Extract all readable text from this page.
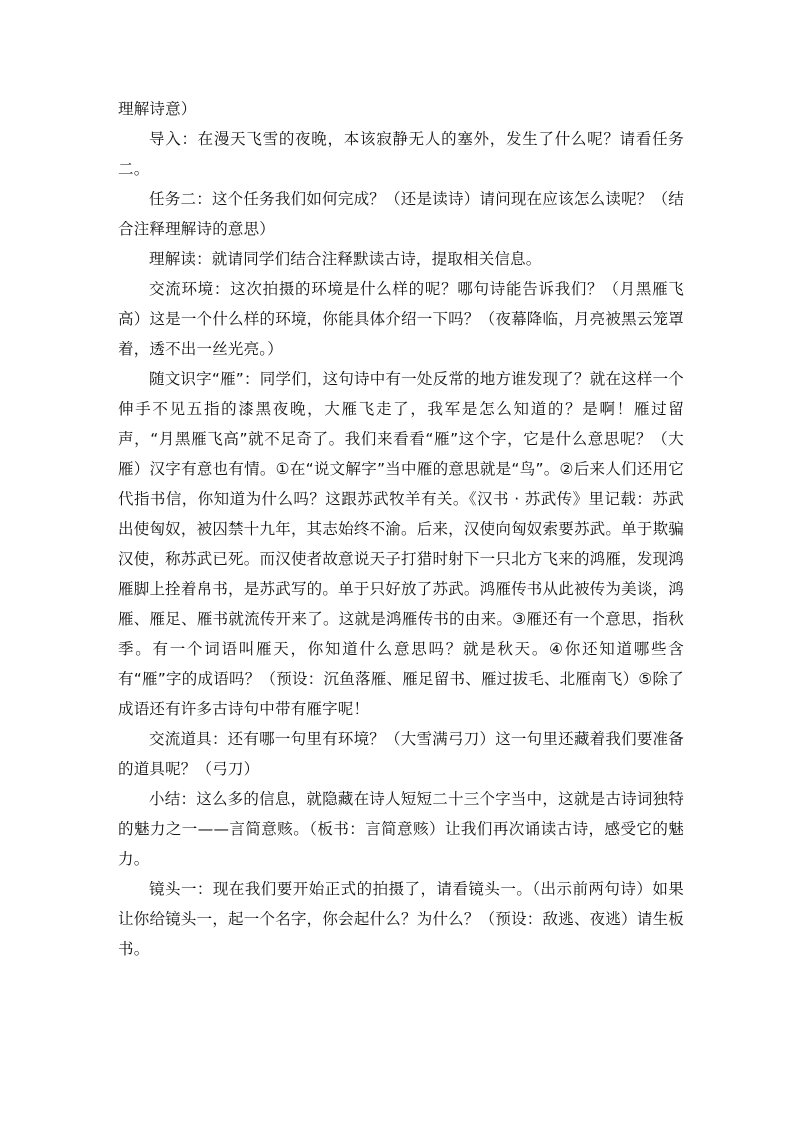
理解诗意）

导入：在漫天飞雪的夜晚，本该寂静无人的塞外，发生了什么呢？请看任务二。

任务二：这个任务我们如何完成？（还是读诗）请问现在应该怎么读呢？（结合注释理解诗的意思）

理解读：就请同学们结合注释默读古诗，提取相关信息。

交流环境：这次拍摄的环境是什么样的呢？哪句诗能告诉我们？（月黑雁飞高）这是一个什么样的环境，你能具体介绍一下吗？（夜幕降临，月亮被黑云笼罩着，透不出一丝光亮。）

随文识字“雁”：同学们，这句诗中有一处反常的地方谁发现了？就在这样一个伸手不见五指的漆黑夜晚，大雁飞走了，我军是怎么知道的？是啊！雁过留声，“月黑雁飞高”就不足奇了。我们来看看“雁”这个字，它是什么意思呢？（大雁）汉字有意也有情。①在“说文解字”当中雁的意思就是“鸟”。②后来人们还用它代指书信，你知道为什么吗？这跟苏武牧羊有关。《汉书 · 苏武传》里记载：苏武出使匈奴，被囚禁十九年，其志始终不渝。后来，汉使向匈奴索要苏武。单于欺骗汉使，称苏武已死。而汉使者故意说天子打猎时射下一只北方飞来的鸿雁，发现鸿雁脚上拴着帛书，是苏武写的。单于只好放了苏武。鸿雁传书从此被传为美谈，鸿雁、雁足、雁书就流传开来了。这就是鸿雁传书的由来。③雁还有一个意思，指秋季。有一个词语叫雁天，你知道什么意思吗？就是秋天。④你还知道哪些含有“雁”字的成语吗？（预设：沉鱼落雁、雁足留书、雁过拔毛、北雁南飞）⑤除了成语还有许多古诗句中带有雁字呢！

交流道具：还有哪一句里有环境？（大雪满弓刀）这一句里还藏着我们要准备的道具呢？（弓刀）

小结：这么多的信息，就隐藏在诗人短短二十三个字当中，这就是古诗词独特的魅力之一——言简意赅。（板书：言简意赅）让我们再次诵读古诗，感受它的魅力。

镜头一：现在我们要开始正式的拍摄了，请看镜头一。（出示前两句诗）如果让你给镜头一，起一个名字，你会起什么？为什么？（预设：敌逃、夜逃）请生板书。
